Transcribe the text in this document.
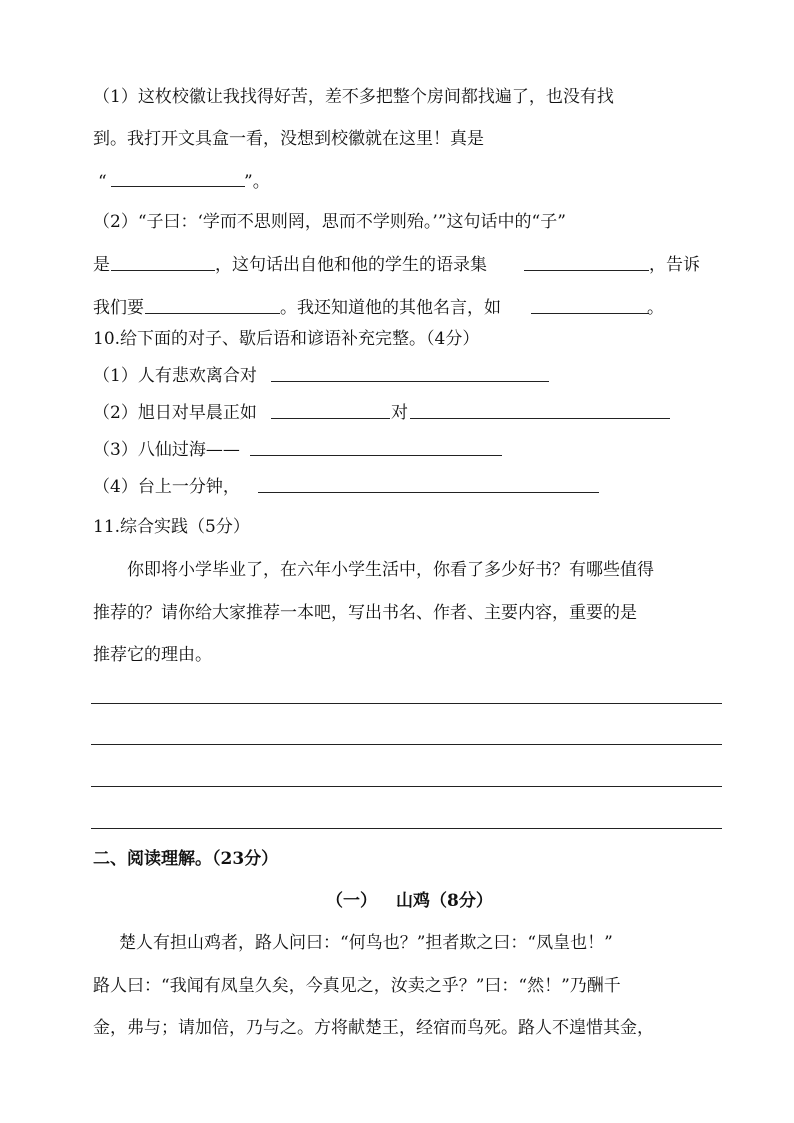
（1）这枚校徽让我找得好苦，差不多把整个房间都找遍了，也没有找
到。我打开文具盒一看，没想到校徽就在这里！真是
“	”。
（2）“子曰：‘学而不思则罔，思而不学则殆。’”这句话中的“子”
是	，这句话出自他和他的学生的语录集	，告诉
我们要	。我还知道他的其他名言，如	。
10.给下面的对子、歇后语和谚语补充完整。（4分）
（1）人有悲欢离合对
（2）旭日对早晨正如	对
（3）八仙过海——
（4）台上一分钟，
11.综合实践（5分）
你即将小学毕业了，在六年小学生活中，你看了多少好书？有哪些值得
推荐的？请你给大家推荐一本吧，写出书名、作者、主要内容，重要的是
推荐它的理由。
二、阅读理解。（23分）
（一） 山鸡（8分）
楚人有担山鸡者，路人问曰：“何鸟也？”担者欺之曰：“凤皇也！”
路人曰：“我闻有凤皇久矣，今真见之，汝卖之乎？”曰：“然！”乃酬千
金，弗与；请加倍，乃与之。方将献楚王，经宿而鸟死。路人不遑惜其金，
